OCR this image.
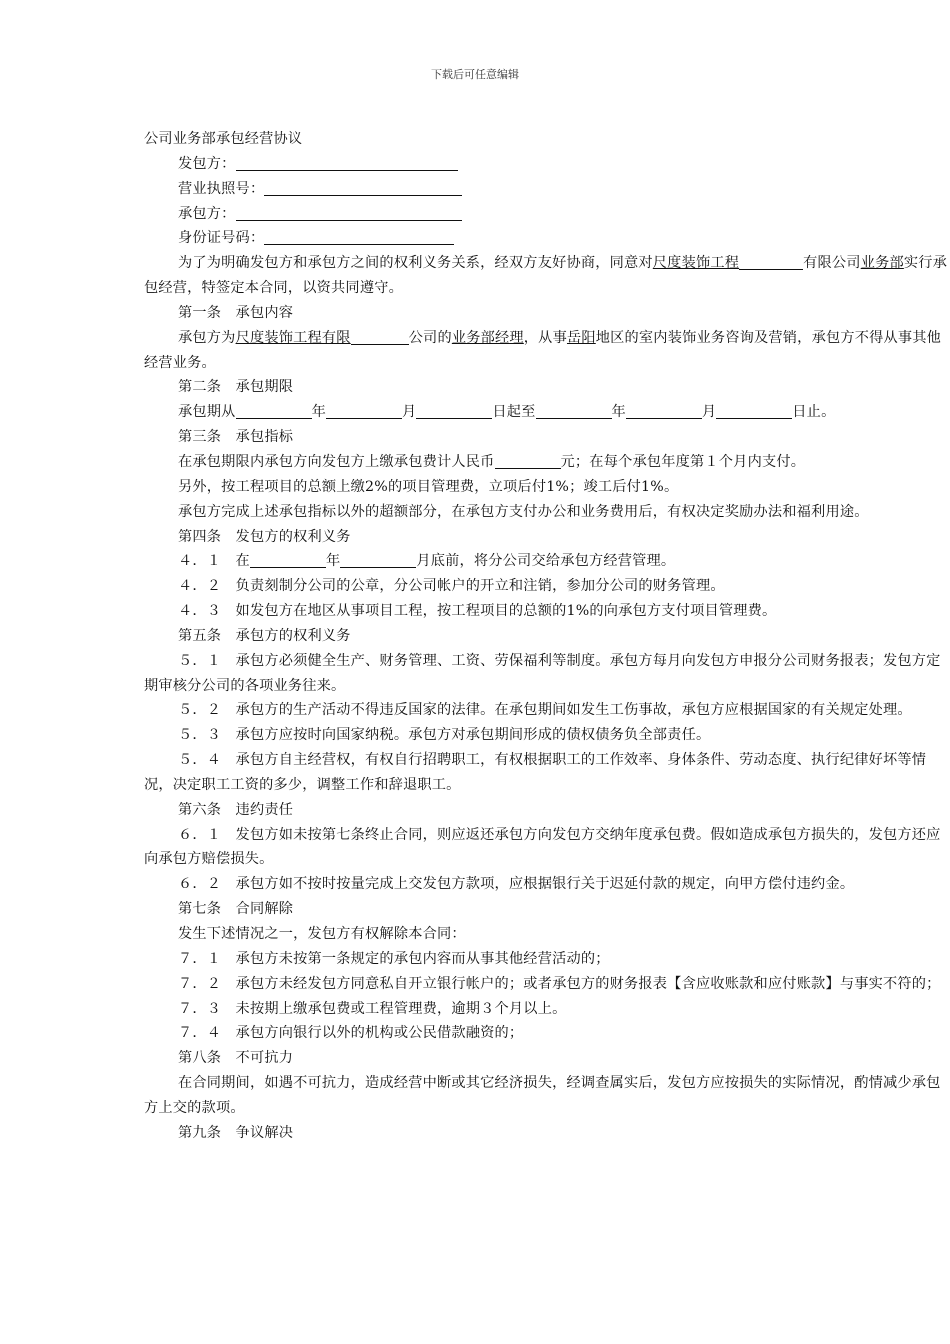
下载后可任意编辑

公司业务部承包经营协议

发包方：

营业执照号：

承包方：

身份证号码：

为了为明确发包方和承包方之间的权利义务关系，经双方友好协商，同意对尺度装饰工程	有限公司业务部实行承包经营，特签定本合同，以资共同遵守。

第一条　承包内容

承包方为尺度装饰工程有限	公司的业务部经理，从事岳阳地区的室内装饰业务咨询及营销，承包方不得从事其他经营业务。

第二条　承包期限

承包期从	年	月	日起至	年	月	日止。

第三条　承包指标

在承包期限内承包方向发包方上缴承包费计人民币	元；在每个承包年度第１个月内支付。

另外，按工程项目的总额上缴2%的项目管理费，立项后付1%；竣工后付1%。

承包方完成上述承包指标以外的超额部分，在承包方支付办公和业务费用后，有权决定奖励办法和福利用途。

第四条　发包方的权利义务

４．１　在	年	月底前，将分公司交给承包方经营管理。

４．２　负责刻制分公司的公章，分公司帐户的开立和注销，参加分公司的财务管理。

４．３　如发包方在地区从事项目工程，按工程项目的总额的1%的向承包方支付项目管理费。

第五条　承包方的权利义务

５．１　承包方必须健全生产、财务管理、工资、劳保福利等制度。承包方每月向发包方申报分公司财务报表；发包方定期审核分公司的各项业务往来。

５．２　承包方的生产活动不得违反国家的法律。在承包期间如发生工伤事故，承包方应根据国家的有关规定处理。

５．３　承包方应按时向国家纳税。承包方对承包期间形成的债权债务负全部责任。

５．４　承包方自主经营权，有权自行招聘职工，有权根据职工的工作效率、身体条件、劳动态度、执行纪律好坏等情况，决定职工工资的多少，调整工作和辞退职工。

第六条　违约责任

６．１　发包方如未按第七条终止合同，则应返还承包方向发包方交纳年度承包费。假如造成承包方损失的，发包方还应向承包方赔偿损失。

６．２　承包方如不按时按量完成上交发包方款项，应根据银行关于迟延付款的规定，向甲方偿付违约金。

第七条　合同解除

发生下述情况之一，发包方有权解除本合同：

７．１　承包方未按第一条规定的承包内容而从事其他经营活动的；

７．２　承包方未经发包方同意私自开立银行帐户的；或者承包方的财务报表【含应收账款和应付账款】与事实不符的；

７．３　未按期上缴承包费或工程管理费，逾期３个月以上。

７．４　承包方向银行以外的机构或公民借款融资的；

第八条　不可抗力

在合同期间，如遇不可抗力，造成经营中断或其它经济损失，经调查属实后，发包方应按损失的实际情况，酌情减少承包方上交的款项。

第九条　争议解决
